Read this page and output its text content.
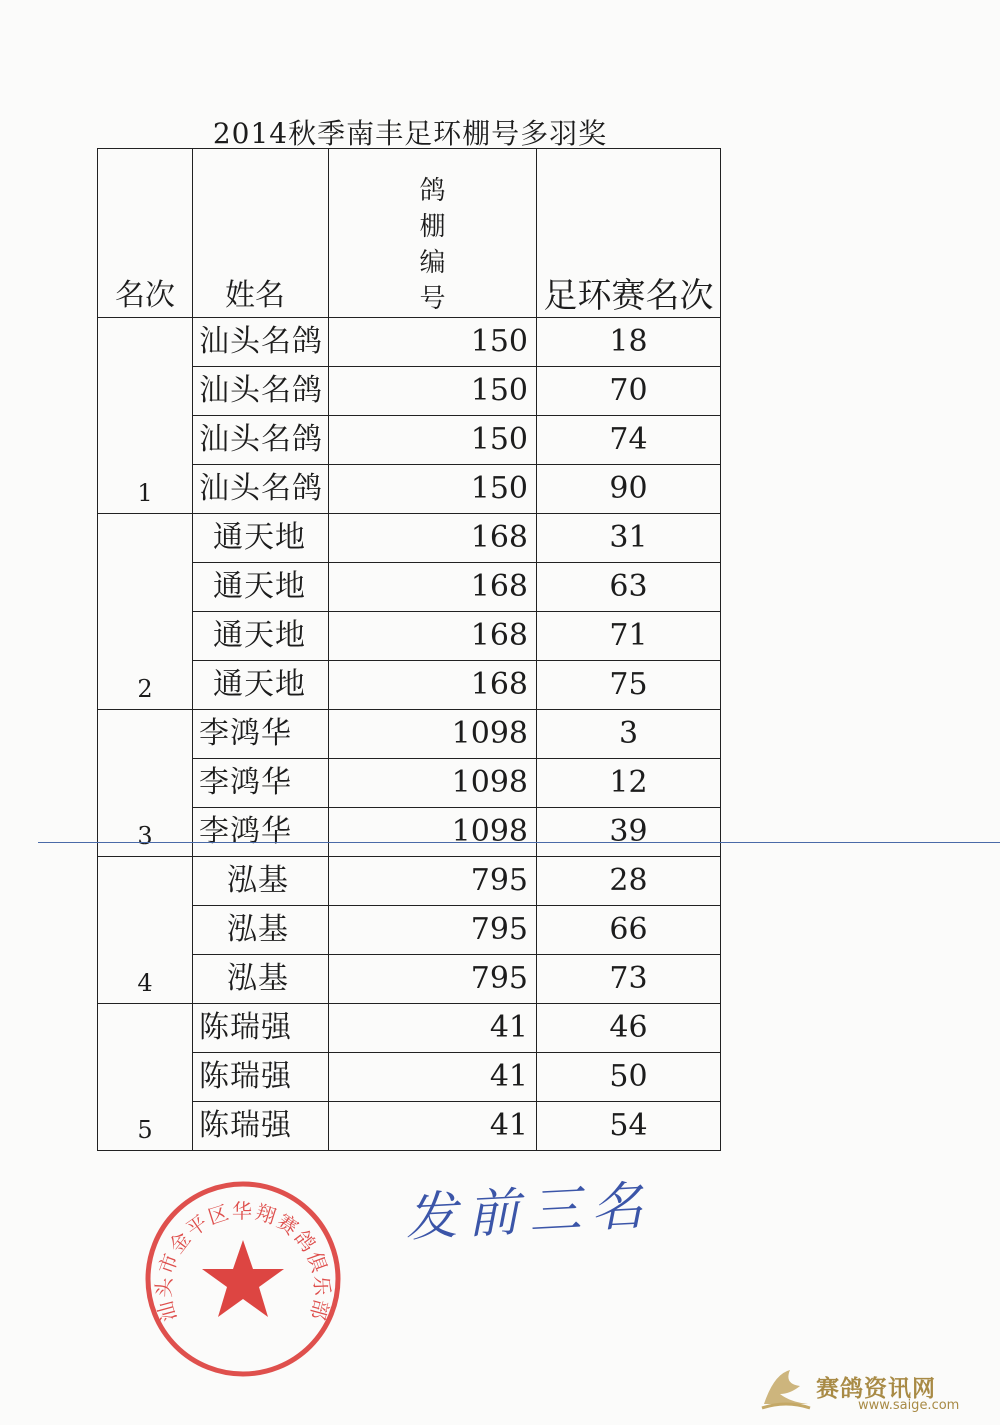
2014秋季南丰足环棚号多羽奖
名次	姓名	鸽
棚
编
号	足环赛名次
1	汕头名鸽	150	18
	汕头名鸽	150	70
	汕头名鸽	150	74
	汕头名鸽	150	90
2	通天地	168	31
	通天地	168	63
	通天地	168	71
	通天地	168	75
3	李鸿华	1098	3
	李鸿华	1098	12
	李鸿华	1098	39
4	泓基	795	28
	泓基	795	66
	泓基	795	73
5	陈瑞强	41	46
	陈瑞强	41	50
	陈瑞强	41	54
汕头市金平区华翔赛鸽俱乐部
发前三名
赛鸽资讯网
www.saige.com
